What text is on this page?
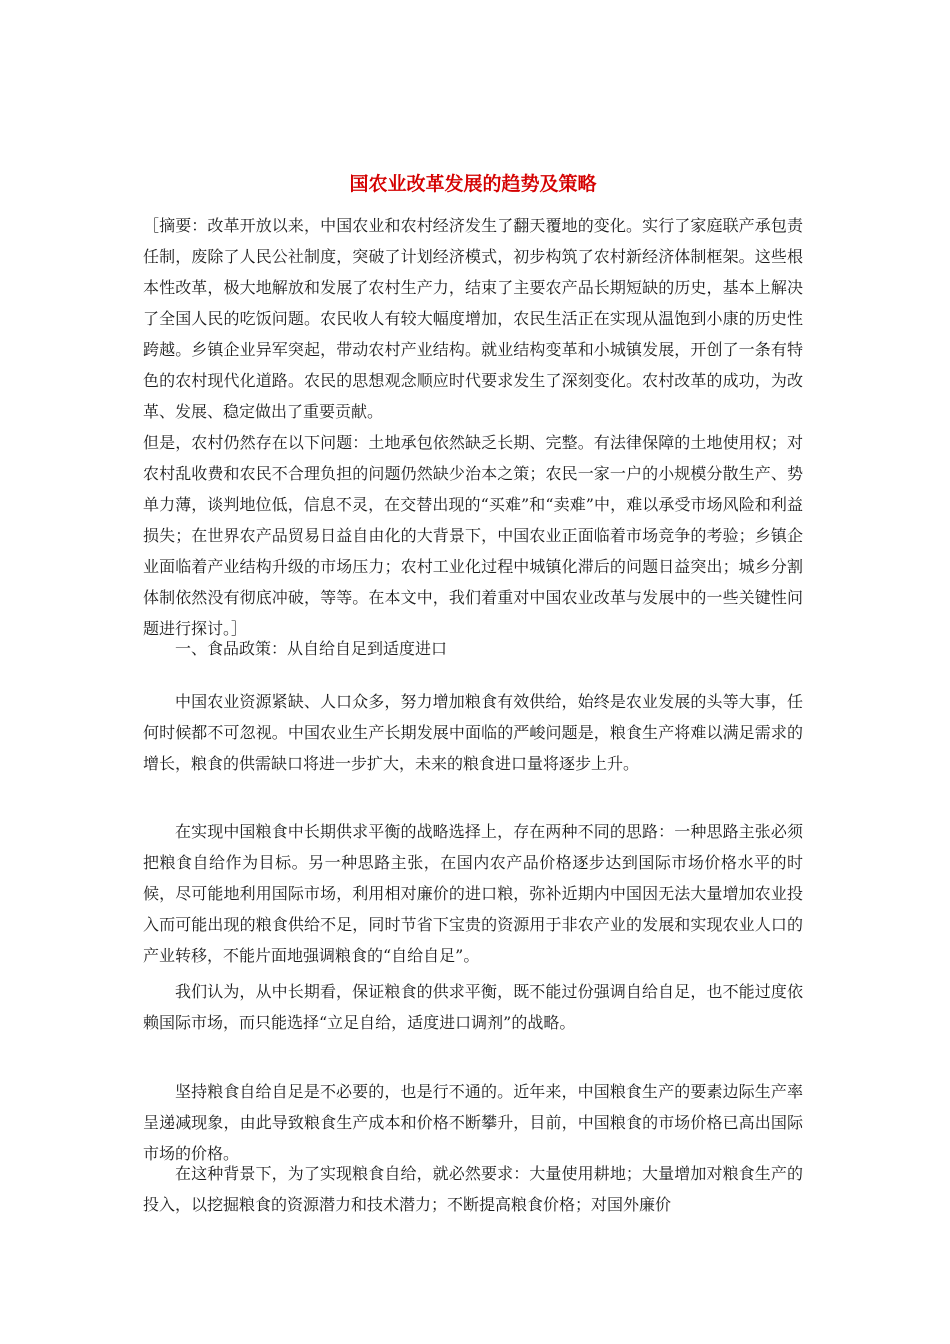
国农业改革发展的趋势及策略

［摘要：改革开放以来，中国农业和农村经济发生了翻天覆地的变化。实行了家庭联产承包责任制，废除了人民公社制度，突破了计划经济模式，初步构筑了农村新经济体制框架。这些根本性改革，极大地解放和发展了农村生产力，结束了主要农产品长期短缺的历史，基本上解决了全国人民的吃饭问题。农民收人有较大幅度增加，农民生活正在实现从温饱到小康的历史性跨越。乡镇企业异军突起，带动农村产业结构。就业结构变革和小城镇发展，开创了一条有特色的农村现代化道路。农民的思想观念顺应时代要求发生了深刻变化。农村改革的成功，为改革、发展、稳定做出了重要贡献。

但是，农村仍然存在以下问题：土地承包依然缺乏长期、完整。有法律保障的土地使用权；对农村乱收费和农民不合理负担的问题仍然缺少治本之策；农民一家一户的小规模分散生产、势单力薄，谈判地位低，信息不灵，在交替出现的“买难”和“卖难”中，难以承受市场风险和利益损失；在世界农产品贸易日益自由化的大背景下，中国农业正面临着市场竞争的考验；乡镇企业面临着产业结构升级的市场压力；农村工业化过程中城镇化滞后的问题日益突出；城乡分割体制依然没有彻底冲破，等等。在本文中，我们着重对中国农业改革与发展中的一些关键性问题进行探讨。］

一、食品政策：从自给自足到适度进口

中国农业资源紧缺、人口众多，努力增加粮食有效供给，始终是农业发展的头等大事，任何时候都不可忽视。中国农业生产长期发展中面临的严峻问题是，粮食生产将难以满足需求的增长，粮食的供需缺口将进一步扩大，未来的粮食进口量将逐步上升。

在实现中国粮食中长期供求平衡的战略选择上，存在两种不同的思路：一种思路主张必须把粮食自给作为目标。另一种思路主张，在国内农产品价格逐步达到国际市场价格水平的时候，尽可能地利用国际市场，利用相对廉价的进口粮，弥补近期内中国因无法大量增加农业投入而可能出现的粮食供给不足，同时节省下宝贵的资源用于非农产业的发展和实现农业人口的产业转移，不能片面地强调粮食的“自给自足”。

我们认为，从中长期看，保证粮食的供求平衡，既不能过份强调自给自足，也不能过度依赖国际市场，而只能选择“立足自给，适度进口调剂”的战略。

坚持粮食自给自足是不必要的，也是行不通的。近年来，中国粮食生产的要素边际生产率呈递减现象，由此导致粮食生产成本和价格不断攀升，目前，中国粮食的市场价格已高出国际市场的价格。

在这种背景下，为了实现粮食自给，就必然要求：大量使用耕地；大量增加对粮食生产的投入，以挖掘粮食的资源潜力和技术潜力；不断提高粮食价格；对国外廉价
